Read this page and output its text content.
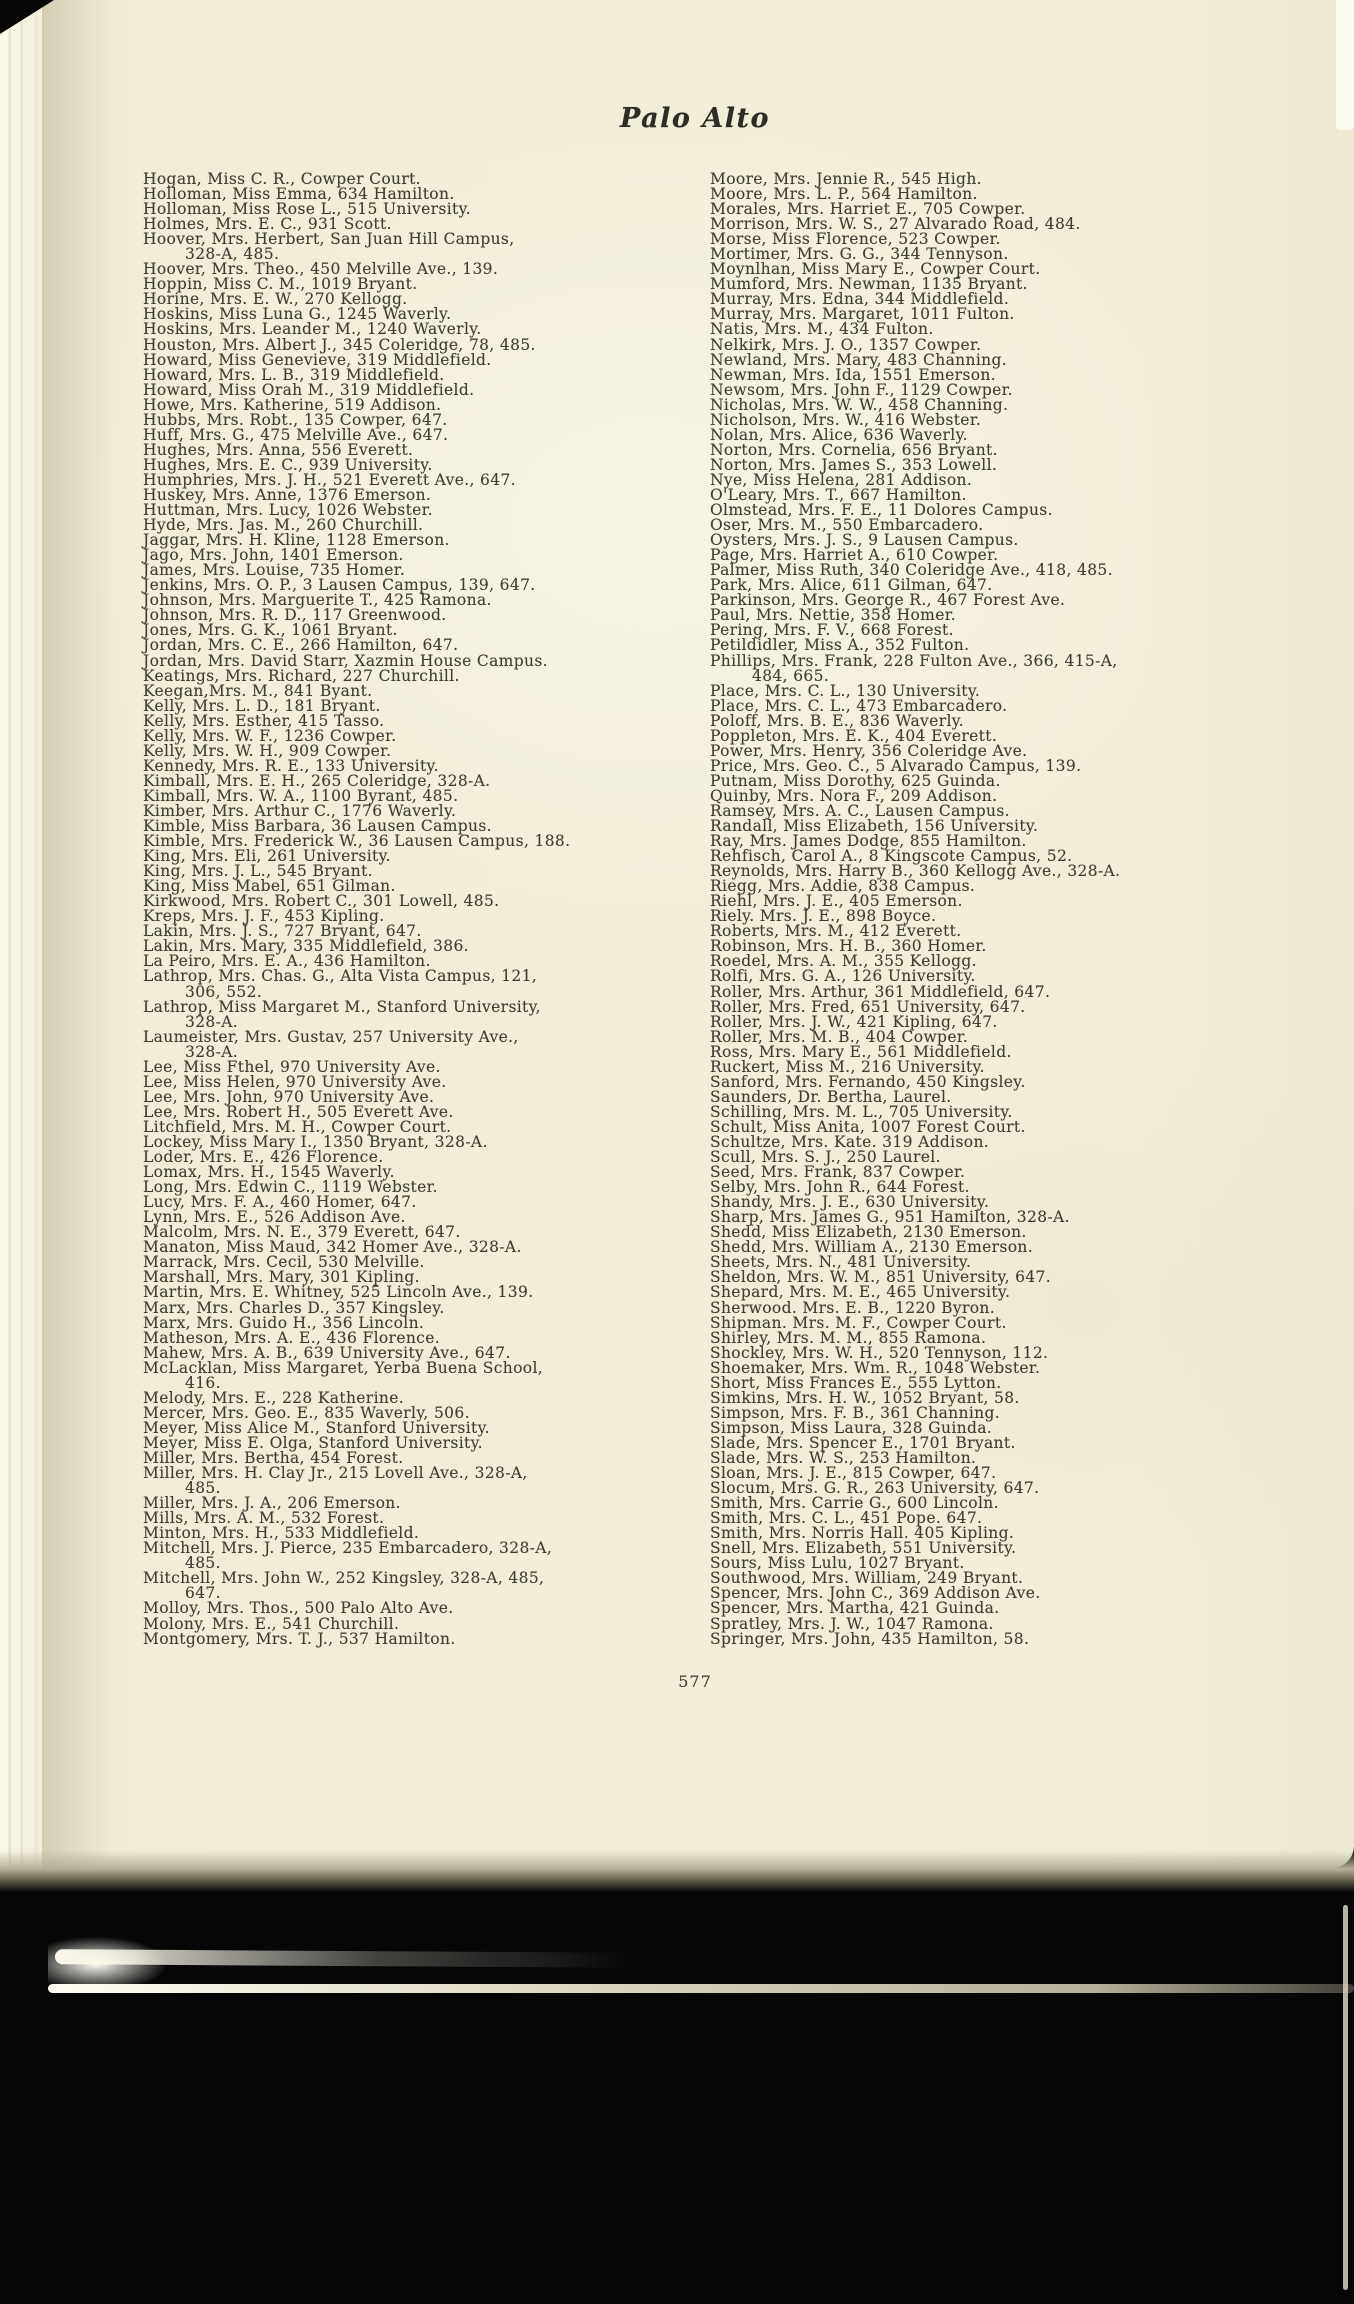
Palo Alto
Hogan, Miss C. R., Cowper Court.
Holloman, Miss Emma, 634 Hamilton.
Holloman, Miss Rose L., 515 University.
Holmes, Mrs. E. C., 931 Scott.
Hoover, Mrs. Herbert, San Juan Hill Campus,
328-A, 485.
Hoover, Mrs. Theo., 450 Melville Ave., 139.
Hoppin, Miss C. M., 1019 Bryant.
Horine, Mrs. E. W., 270 Kellogg.
Hoskins, Miss Luna G., 1245 Waverly.
Hoskins, Mrs. Leander M., 1240 Waverly.
Houston, Mrs. Albert J., 345 Coleridge, 78, 485.
Howard, Miss Genevieve, 319 Middlefield.
Howard, Mrs. L. B., 319 Middlefield.
Howard, Miss Orah M., 319 Middlefield.
Howe, Mrs. Katherine, 519 Addison.
Hubbs, Mrs. Robt., 135 Cowper, 647.
Huff, Mrs. G., 475 Melville Ave., 647.
Hughes, Mrs. Anna, 556 Everett.
Hughes, Mrs. E. C., 939 University.
Humphries, Mrs. J. H., 521 Everett Ave., 647.
Huskey, Mrs. Anne, 1376 Emerson.
Huttman, Mrs. Lucy, 1026 Webster.
Hyde, Mrs. Jas. M., 260 Churchill.
Jaggar, Mrs. H. Kline, 1128 Emerson.
Jago, Mrs. John, 1401 Emerson.
James, Mrs. Louise, 735 Homer.
Jenkins, Mrs. O. P., 3 Lausen Campus, 139, 647.
Johnson, Mrs. Marguerite T., 425 Ramona.
Johnson, Mrs. R. D., 117 Greenwood.
Jones, Mrs. G. K., 1061 Bryant.
Jordan, Mrs. C. E., 266 Hamilton, 647.
Jordan, Mrs. David Starr, Xazmin House Campus.
Keatings, Mrs. Richard, 227 Churchill.
Keegan,Mrs. M., 841 Byant.
Kelly, Mrs. L. D., 181 Bryant.
Kelly, Mrs. Esther, 415 Tasso.
Kelly, Mrs. W. F., 1236 Cowper.
Kelly, Mrs. W. H., 909 Cowper.
Kennedy, Mrs. R. E., 133 University.
Kimball, Mrs. E. H., 265 Coleridge, 328-A.
Kimball, Mrs. W. A., 1100 Byrant, 485.
Kimber, Mrs. Arthur C., 1776 Waverly.
Kimble, Miss Barbara, 36 Lausen Campus.
Kimble, Mrs. Frederick W., 36 Lausen Campus, 188.
King, Mrs. Eli, 261 University.
King, Mrs. J. L., 545 Bryant.
King, Miss Mabel, 651 Gilman.
Kirkwood, Mrs. Robert C., 301 Lowell, 485.
Kreps, Mrs. J. F., 453 Kipling.
Lakin, Mrs. J. S., 727 Bryant, 647.
Lakin, Mrs. Mary, 335 Middlefield, 386.
La Peiro, Mrs. E. A., 436 Hamilton.
Lathrop, Mrs. Chas. G., Alta Vista Campus, 121,
306, 552.
Lathrop, Miss Margaret M., Stanford University,
328-A.
Laumeister, Mrs. Gustav, 257 University Ave.,
328-A.
Lee, Miss Fthel, 970 University Ave.
Lee, Miss Helen, 970 University Ave.
Lee, Mrs. John, 970 University Ave.
Lee, Mrs. Robert H., 505 Everett Ave.
Litchfield, Mrs. M. H., Cowper Court.
Lockey, Miss Mary I., 1350 Bryant, 328-A.
Loder, Mrs. E., 426 Florence.
Lomax, Mrs. H., 1545 Waverly.
Long, Mrs. Edwin C., 1119 Webster.
Lucy, Mrs. F. A., 460 Homer, 647.
Lynn, Mrs. E., 526 Addison Ave.
Malcolm, Mrs. N. E., 379 Everett, 647.
Manaton, Miss Maud, 342 Homer Ave., 328-A.
Marrack, Mrs. Cecil, 530 Melville.
Marshall, Mrs. Mary, 301 Kipling.
Martin, Mrs. E. Whitney, 525 Lincoln Ave., 139.
Marx, Mrs. Charles D., 357 Kingsley.
Marx, Mrs. Guido H., 356 Lincoln.
Matheson, Mrs. A. E., 436 Florence.
Mahew, Mrs. A. B., 639 University Ave., 647.
McLacklan, Miss Margaret, Yerba Buena School,
416.
Melody, Mrs. E., 228 Katherine.
Mercer, Mrs. Geo. E., 835 Waverly, 506.
Meyer, Miss Alice M., Stanford University.
Meyer, Miss E. Olga, Stanford University.
Miller, Mrs. Bertha, 454 Forest.
Miller, Mrs. H. Clay Jr., 215 Lovell Ave., 328-A,
485.
Miller, Mrs. J. A., 206 Emerson.
Mills, Mrs. A. M., 532 Forest.
Minton, Mrs. H., 533 Middlefield.
Mitchell, Mrs. J. Pierce, 235 Embarcadero, 328-A,
485.
Mitchell, Mrs. John W., 252 Kingsley, 328-A, 485,
647.
Molloy, Mrs. Thos., 500 Palo Alto Ave.
Molony, Mrs. E., 541 Churchill.
Montgomery, Mrs. T. J., 537 Hamilton.
Moore, Mrs. Jennie R., 545 High.
Moore, Mrs. L. P., 564 Hamilton.
Morales, Mrs. Harriet E., 705 Cowper.
Morrison, Mrs. W. S., 27 Alvarado Road, 484.
Morse, Miss Florence, 523 Cowper.
Mortimer, Mrs. G. G., 344 Tennyson.
Moynlhan, Miss Mary E., Cowper Court.
Mumford, Mrs. Newman, 1135 Bryant.
Murray, Mrs. Edna, 344 Middlefield.
Murray, Mrs. Margaret, 1011 Fulton.
Natis, Mrs. M., 434 Fulton.
Nelkirk, Mrs. J. O., 1357 Cowper.
Newland, Mrs. Mary, 483 Channing.
Newman, Mrs. Ida, 1551 Emerson.
Newsom, Mrs. John F., 1129 Cowper.
Nicholas, Mrs. W. W., 458 Channing.
Nicholson, Mrs. W., 416 Webster.
Nolan, Mrs. Alice, 636 Waverly.
Norton, Mrs. Cornelia, 656 Bryant.
Norton, Mrs. James S., 353 Lowell.
Nye, Miss Helena, 281 Addison.
O'Leary, Mrs. T., 667 Hamilton.
Olmstead, Mrs. F. E., 11 Dolores Campus.
Oser, Mrs. M., 550 Embarcadero.
Oysters, Mrs. J. S., 9 Lausen Campus.
Page, Mrs. Harriet A., 610 Cowper.
Palmer, Miss Ruth, 340 Coleridge Ave., 418, 485.
Park, Mrs. Alice, 611 Gilman, 647.
Parkinson, Mrs. George R., 467 Forest Ave.
Paul, Mrs. Nettie, 358 Homer.
Pering, Mrs. F. V., 668 Forest.
Petildidler, Miss A., 352 Fulton.
Phillips, Mrs. Frank, 228 Fulton Ave., 366, 415-A,
484, 665.
Place, Mrs. C. L., 130 University.
Place, Mrs. C. L., 473 Embarcadero.
Poloff, Mrs. B. E., 836 Waverly.
Poppleton, Mrs. E. K., 404 Everett.
Power, Mrs. Henry, 356 Coleridge Ave.
Price, Mrs. Geo. C., 5 Alvarado Campus, 139.
Putnam, Miss Dorothy, 625 Guinda.
Quinby, Mrs. Nora F., 209 Addison.
Ramsey, Mrs. A. C., Lausen Campus.
Randall, Miss Elizabeth, 156 University.
Ray, Mrs. James Dodge, 855 Hamilton.
Rehfisch, Carol A., 8 Kingscote Campus, 52.
Reynolds, Mrs. Harry B., 360 Kellogg Ave., 328-A.
Riegg, Mrs. Addie, 838 Campus.
Riehl, Mrs. J. E., 405 Emerson.
Riely. Mrs. J. E., 898 Boyce.
Roberts, Mrs. M., 412 Everett.
Robinson, Mrs. H. B., 360 Homer.
Roedel, Mrs. A. M., 355 Kellogg.
Rolfi, Mrs. G. A., 126 University.
Roller, Mrs. Arthur, 361 Middlefield, 647.
Roller, Mrs. Fred, 651 University, 647.
Roller, Mrs. J. W., 421 Kipling, 647.
Roller, Mrs. M. B., 404 Cowper.
Ross, Mrs. Mary E., 561 Middlefield.
Ruckert, Miss M., 216 University.
Sanford, Mrs. Fernando, 450 Kingsley.
Saunders, Dr. Bertha, Laurel.
Schilling, Mrs. M. L., 705 University.
Schult, Miss Anita, 1007 Forest Court.
Schultze, Mrs. Kate. 319 Addison.
Scull, Mrs. S. J., 250 Laurel.
Seed, Mrs. Frank, 837 Cowper.
Selby, Mrs. John R., 644 Forest.
Shandy, Mrs. J. E., 630 University.
Sharp, Mrs. James G., 951 Hamilton, 328-A.
Shedd, Miss Elizabeth, 2130 Emerson.
Shedd, Mrs. William A., 2130 Emerson.
Sheets, Mrs. N., 481 University.
Sheldon, Mrs. W. M., 851 University, 647.
Shepard, Mrs. M. E., 465 University.
Sherwood. Mrs. E. B., 1220 Byron.
Shipman. Mrs. M. F., Cowper Court.
Shirley, Mrs. M. M., 855 Ramona.
Shockley, Mrs. W. H., 520 Tennyson, 112.
Shoemaker, Mrs. Wm. R., 1048 Webster.
Short, Miss Frances E., 555 Lytton.
Simkins, Mrs. H. W., 1052 Bryant, 58.
Simpson, Mrs. F. B., 361 Channing.
Simpson, Miss Laura, 328 Guinda.
Slade, Mrs. Spencer E., 1701 Bryant.
Slade, Mrs. W. S., 253 Hamilton.
Sloan, Mrs. J. E., 815 Cowper, 647.
Slocum, Mrs. G. R., 263 University, 647.
Smith, Mrs. Carrie G., 600 Lincoln.
Smith, Mrs. C. L., 451 Pope. 647.
Smith, Mrs. Norris Hall. 405 Kipling.
Snell, Mrs. Elizabeth, 551 University.
Sours, Miss Lulu, 1027 Bryant.
Southwood, Mrs. William, 249 Bryant.
Spencer, Mrs. John C., 369 Addison Ave.
Spencer, Mrs. Martha, 421 Guinda.
Spratley, Mrs. J. W., 1047 Ramona.
Springer, Mrs. John, 435 Hamilton, 58.
577
